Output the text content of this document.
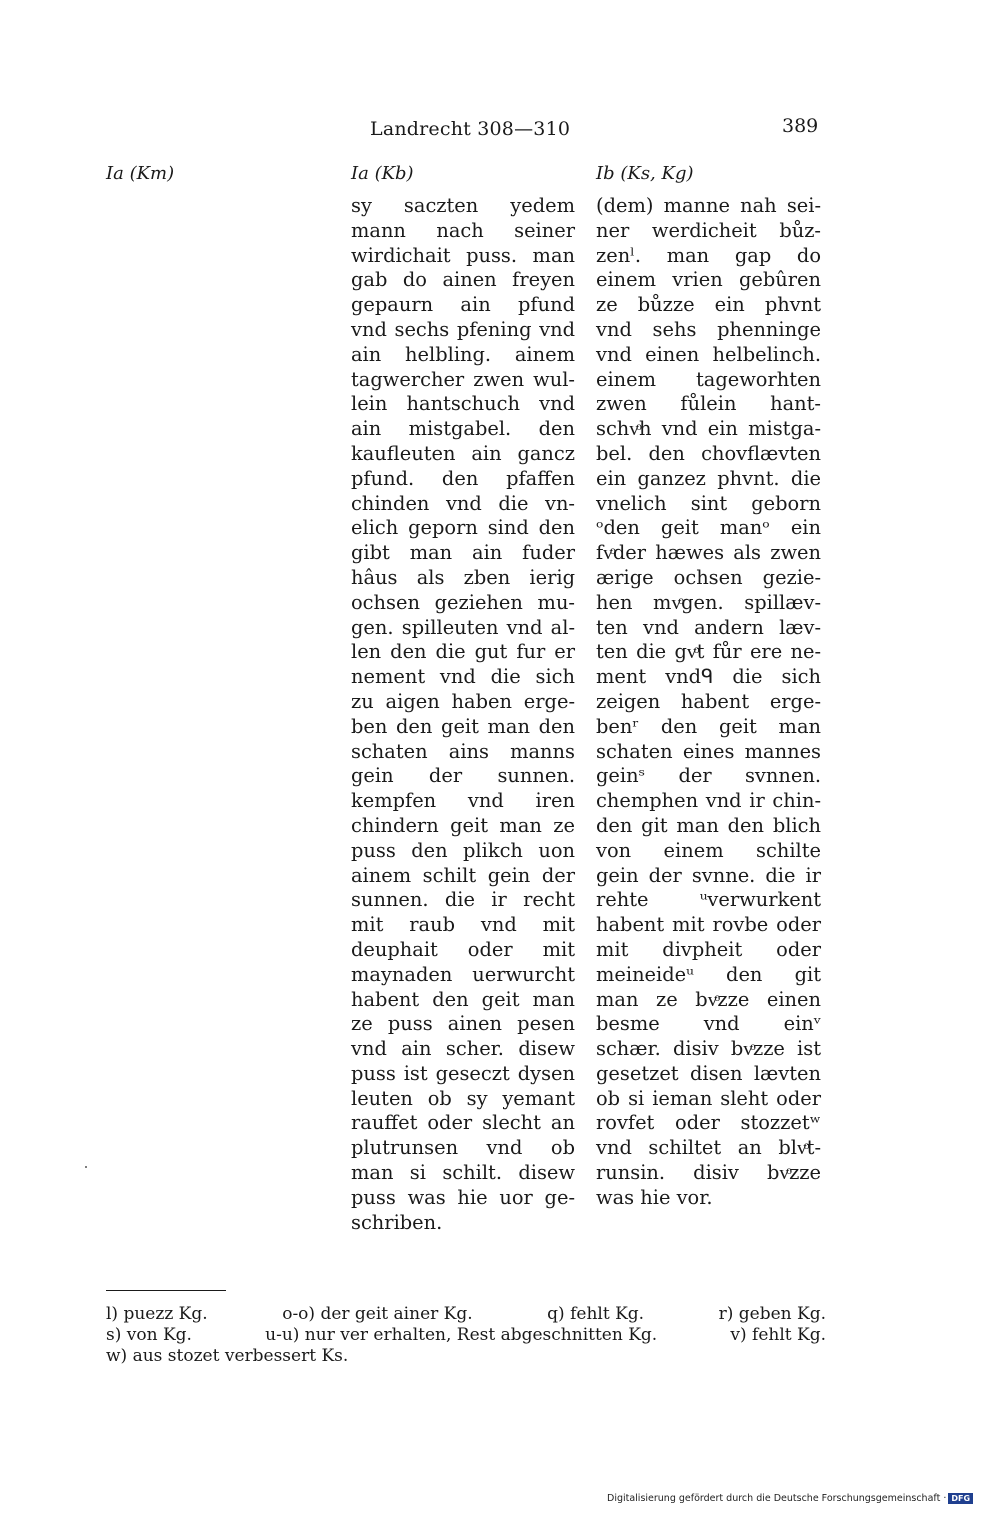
Landrecht 308—310	389
Ia (Km)	Ia (Kb)	Ib (Ks, Kg)
sy saczten yedem
mann nach seiner
wirdichait puss. man
gab do ainen freyen
gepaurn ain pfund
vnd sechs pfening vnd
ain helbling. ainem
tagwercher zwen wul-
lein hantschuch vnd
ain mistgabel. den
kaufleuten ain gancz
pfund. den pfaffen
chinden vnd die vn-
elich geporn sind den
gibt man ain fuder
hâus als zben ierig
ochsen geziehen mu-
gen. spilleuten vnd al-
len den die gut fur er
nement vnd die sich
zu aigen haben erge-
ben den geit man den
schaten ains manns
gein der sunnen.
kempfen vnd iren
chindern geit man ze
puss den plikch uon
ainem schilt gein der
sunnen. die ir recht
mit raub vnd mit
deuphait oder mit
maynaden uerwurcht
habent den geit man
ze puss ainen pesen
vnd ain scher. disew
puss ist geseczt dysen
leuten ob sy yemant
rauffet oder slecht an
plutrunsen vnd ob
man si schilt. disew
puss was hie uor ge-
schriben.
(dem) manne nah sei-
ner werdicheit bůz-
zenˡ. man gap do
einem vrien gebûren
ze bůzze ein phvnt
vnd sehs phenninge
vnd einen helbelinch.
einem tageworhten
zwen fůlein hant-
schvͦh vnd ein mistga-
bel. den chovflævten
ein ganzez phvnt. die
vnelich sint geborn
ᵒden geit manᵒ ein
fvͦder hæwes als zwen
ærige ochsen gezie-
hen mvͦgen. spillæv-
ten vnd andern læv-
ten die gvͦt fůr ere ne-
ment vndᑫ die sich
zeigen habent erge-
benʳ den geit man
schaten eines mannes
geinˢ der svnnen.
chemphen vnd ir chin-
den git man den blich
von einem schilte
gein der svnne. die ir
rehte ᵘverwurkent
habent mit rovbe oder
mit divpheit oder
meineideᵘ den git
man ze bvͦzze einen
besme vnd einᵛ
schær. disiv bvͦzze ist
gesetzet disen lævten
ob si ieman sleht oder
rovfet oder stozzetʷ
vnd schiltet an blvͦt-
runsin. disiv bvͦzze
was hie vor.
l) puezz Kg.	o-o) der geit ainer Kg.	q) fehlt Kg.	r) geben Kg.
s) von Kg.	u-u) nur ver erhalten, Rest abgeschnitten Kg.	v) fehlt Kg.
w) aus stozet verbessert Ks.
Digitalisierung gefördert durch die Deutsche Forschungsgemeinschaft · DFG
